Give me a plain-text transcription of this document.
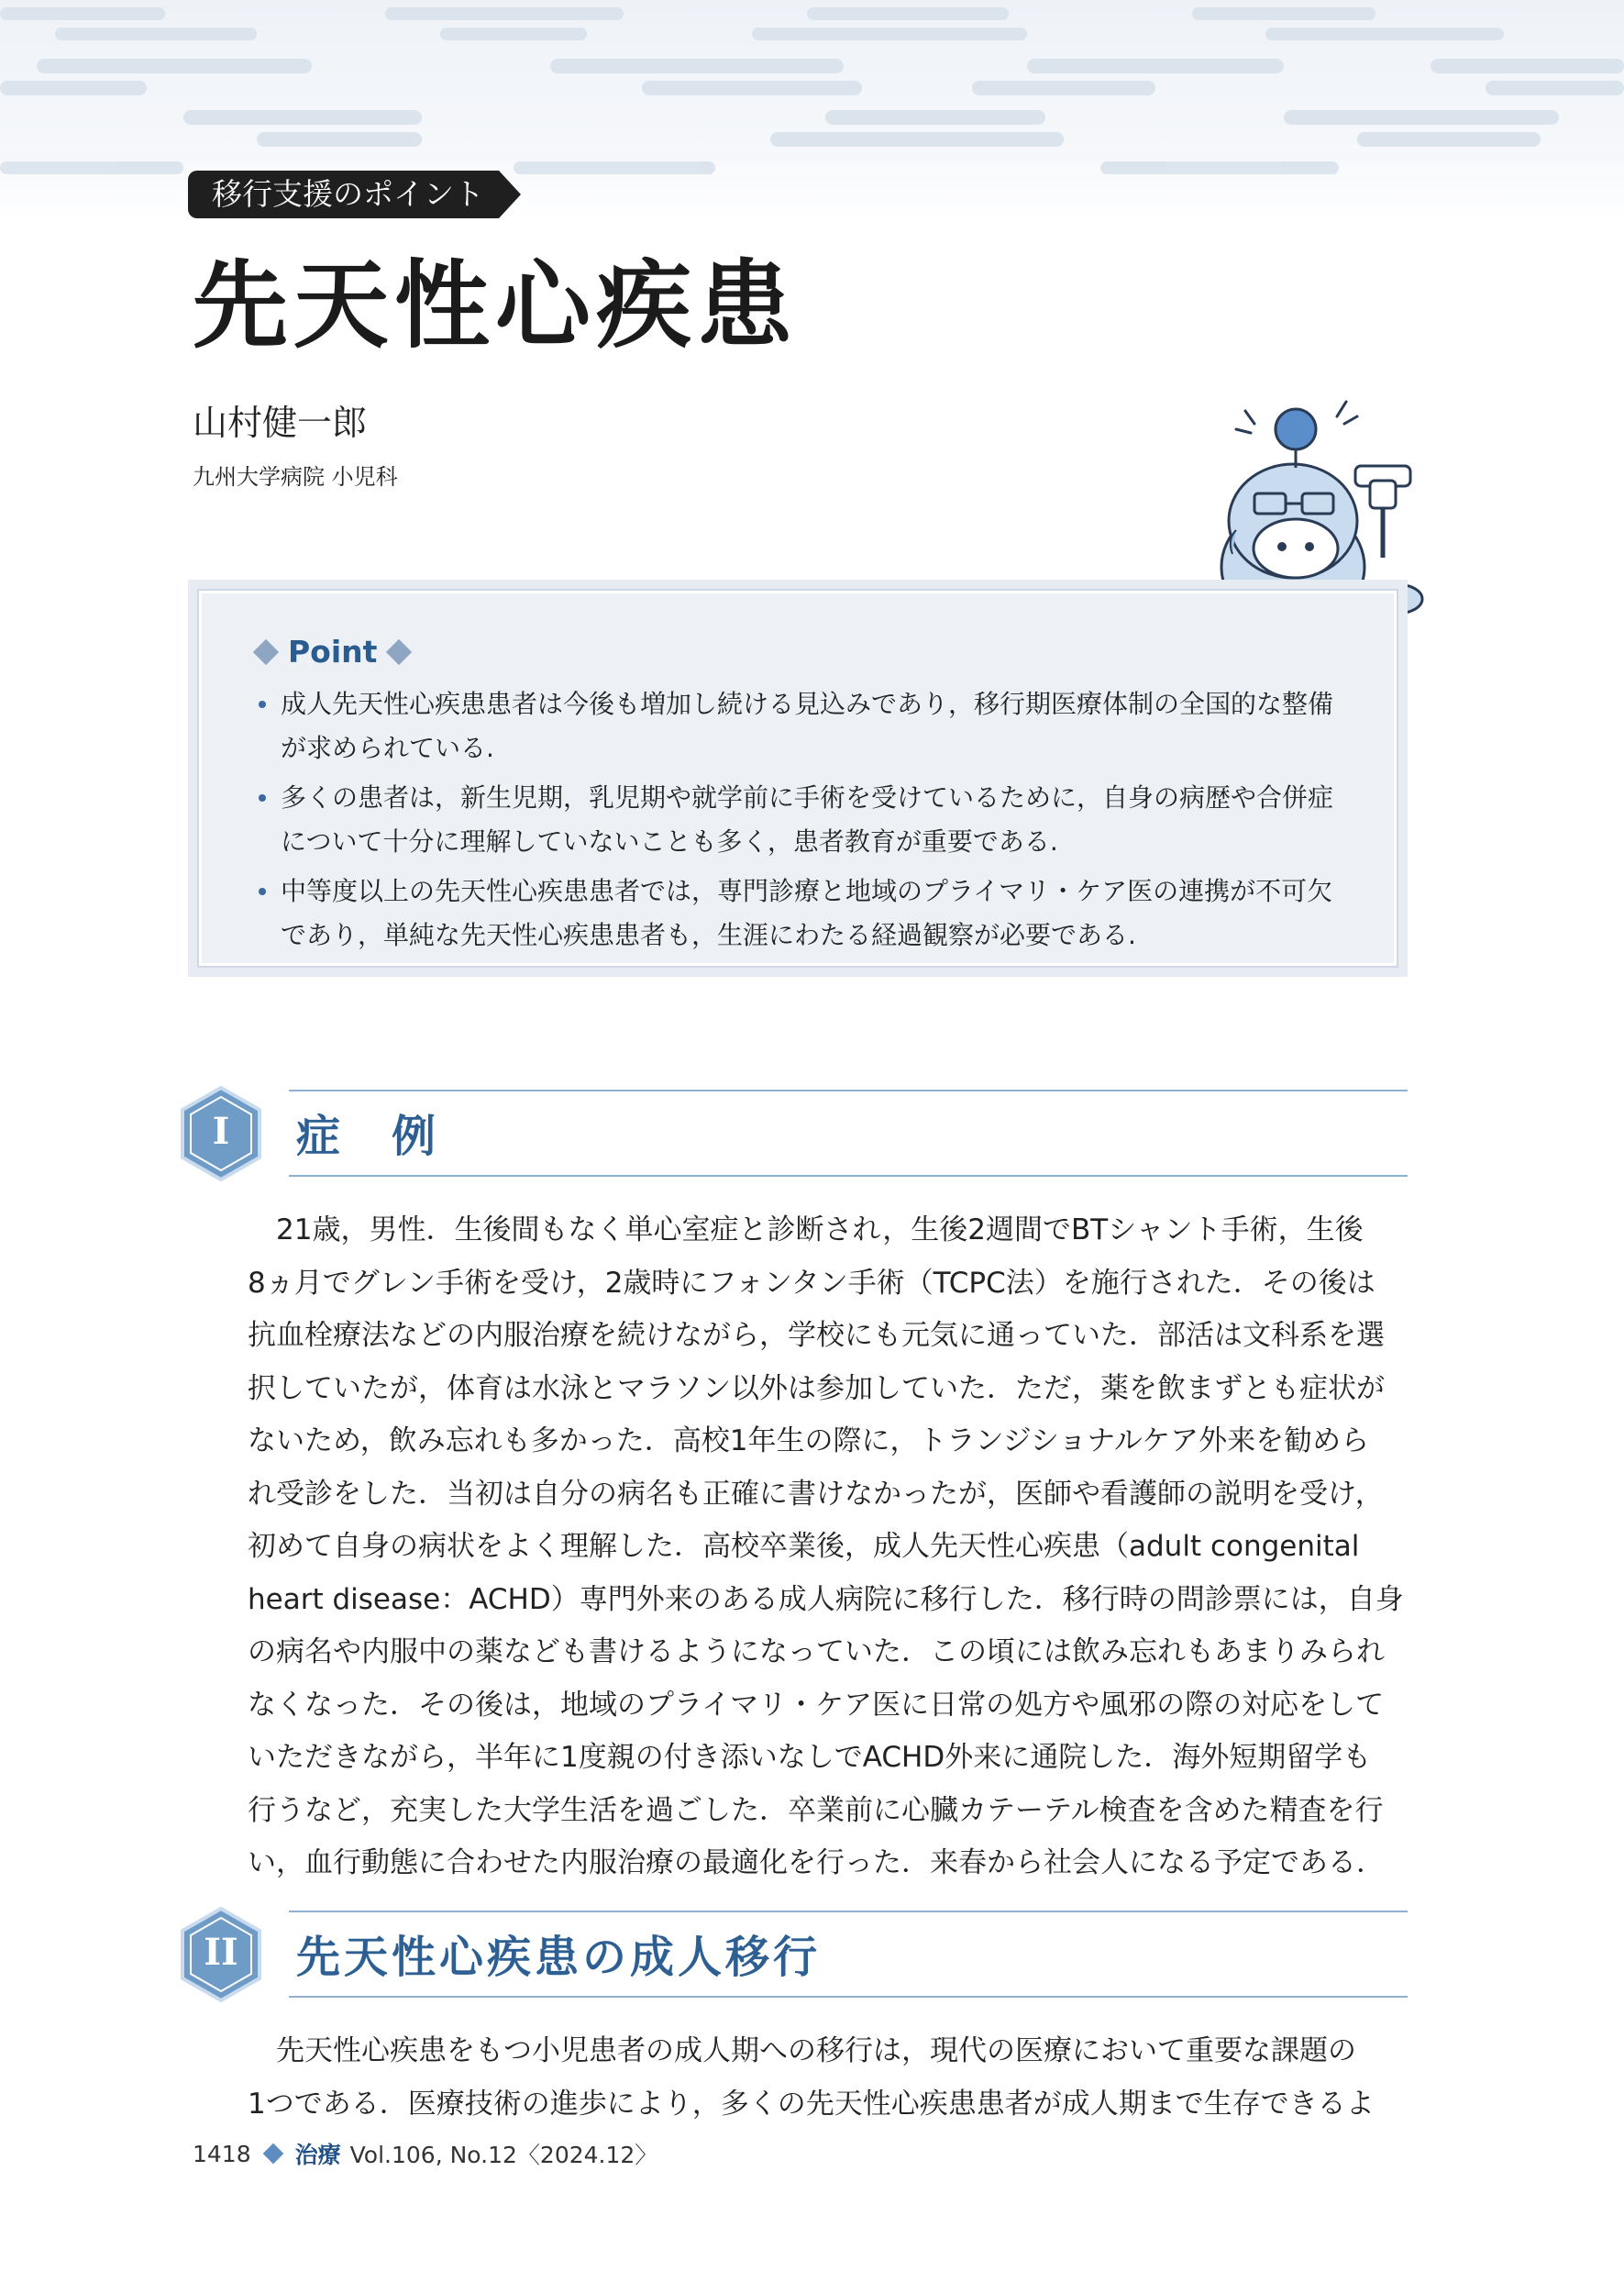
移行支援のポイント
先天性心疾患
山村健一郎
九州大学病院 小児科
Point
成人先天性心疾患患者は今後も増加し続ける見込みであり，移行期医療体制の全国的な整備
が求められている.
多くの患者は，新生児期，乳児期や就学前に手術を受けているために，自身の病歴や合併症
について十分に理解していないことも多く，患者教育が重要である.
中等度以上の先天性心疾患患者では，専門診療と地域のプライマリ・ケア医の連携が不可欠
であり，単純な先天性心疾患患者も，生涯にわたる経過観察が必要である.
I	症　例
　21歳，男性．生後間もなく単心室症と診断され，生後2週間でBTシャント手術，生後
8ヵ月でグレン手術を受け，2歳時にフォンタン手術（TCPC法）を施行された．その後は
抗血栓療法などの内服治療を続けながら，学校にも元気に通っていた．部活は文科系を選
択していたが，体育は水泳とマラソン以外は参加していた．ただ，薬を飲まずとも症状が
ないため，飲み忘れも多かった．高校1年生の際に，トランジショナルケア外来を勧めら
れ受診をした．当初は自分の病名も正確に書けなかったが，医師や看護師の説明を受け，
初めて自身の病状をよく理解した．高校卒業後，成人先天性心疾患（adult congenital
heart disease：ACHD）専門外来のある成人病院に移行した．移行時の問診票には，自身
の病名や内服中の薬なども書けるようになっていた．この頃には飲み忘れもあまりみられ
なくなった．その後は，地域のプライマリ・ケア医に日常の処方や風邪の際の対応をして
いただきながら，半年に1度親の付き添いなしでACHD外来に通院した．海外短期留学も
行うなど，充実した大学生活を過ごした．卒業前に心臓カテーテル検査を含めた精査を行
い，血行動態に合わせた内服治療の最適化を行った．来春から社会人になる予定である．
II	先天性心疾患の成人移行
　先天性心疾患をもつ小児患者の成人期への移行は，現代の医療において重要な課題の
1つである．医療技術の進歩により，多くの先天性心疾患患者が成人期まで生存できるよ
1418 治療 Vol.106, No.12〈2024.12〉
